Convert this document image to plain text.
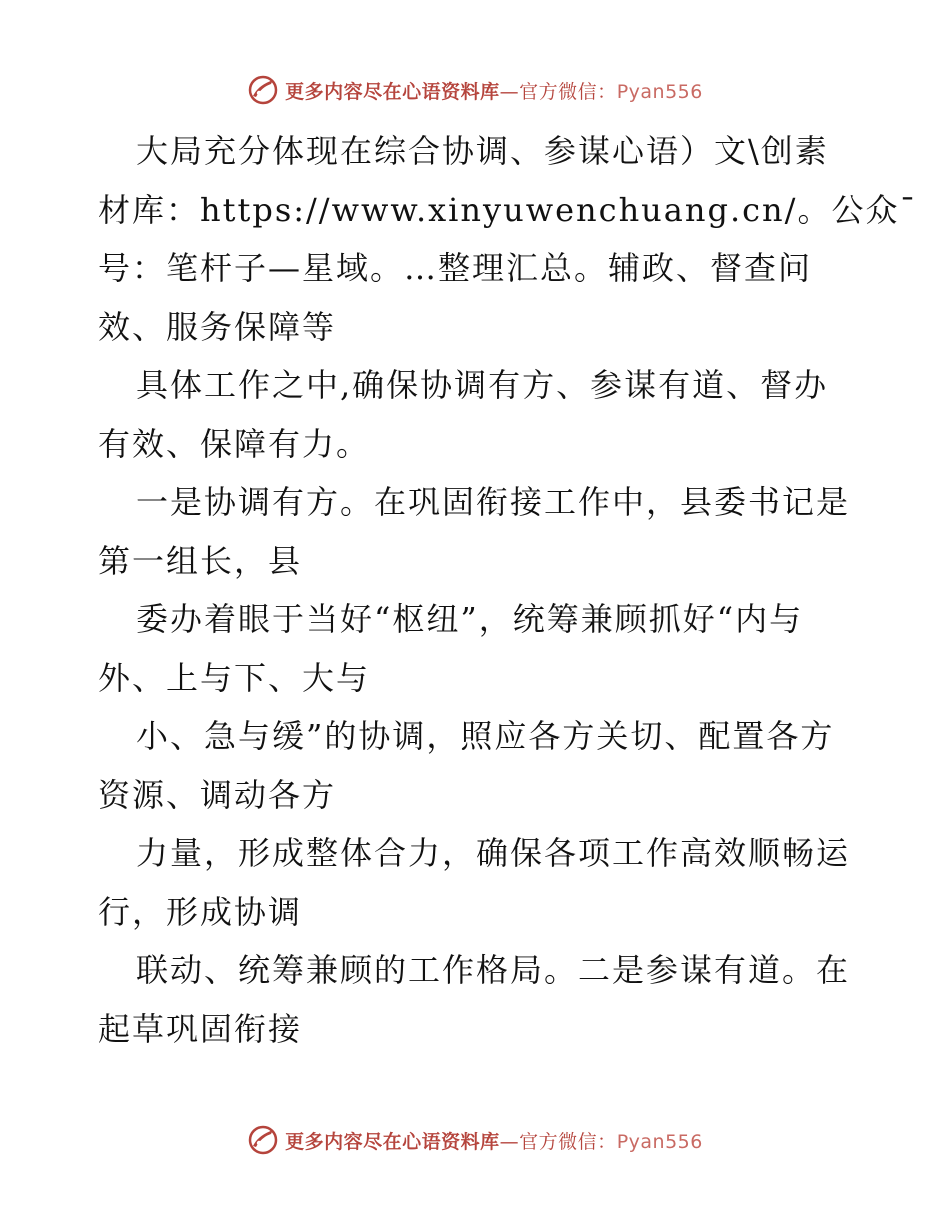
更多内容尽在心语资料库—官方微信：Pyan556
大局充分体现在综合协调、参谋心语）文\创素
材库：https://www.xinyuwenchuang.cn/。公众¯
号：笔杆子—星域。…整理汇总。辅政、督查问
效、服务保障等
具体工作之中,确保协调有方、参谋有道、督办
有效、保障有力。
一是协调有方。在巩固衔接工作中，县委书记是
第一组长，县
委办着眼于当好“枢纽”，统筹兼顾抓好“内与
外、上与下、大与
小、急与缓”的协调，照应各方关切、配置各方
资源、调动各方
力量，形成整体合力，确保各项工作高效顺畅运
行，形成协调
联动、统筹兼顾的工作格局。二是参谋有道。在
起草巩固衔接
更多内容尽在心语资料库—官方微信：Pyan556
